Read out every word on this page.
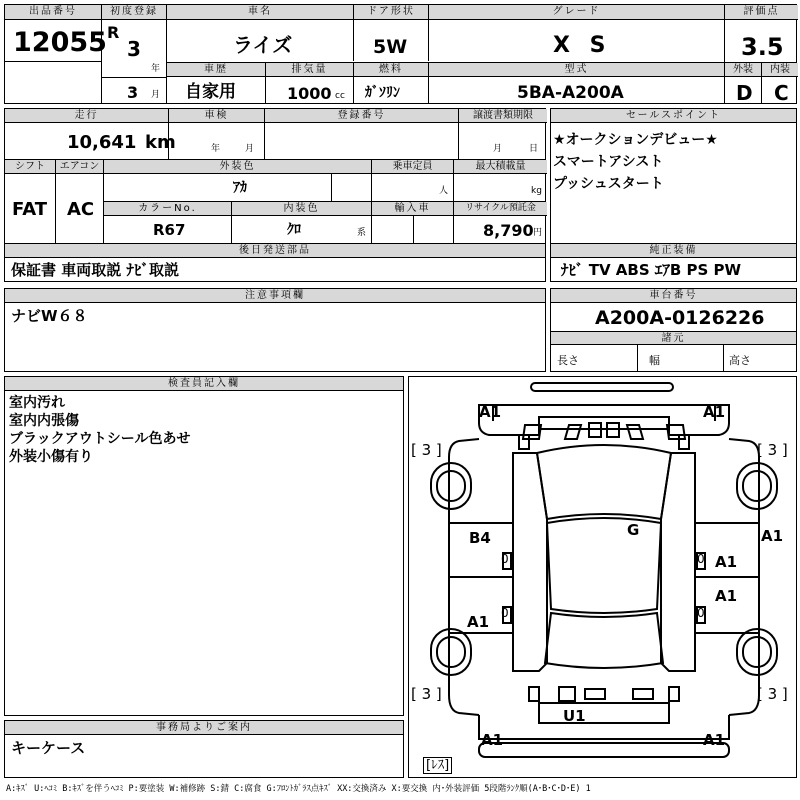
出品番号
12055
初度登録
R
3
年
3 月
車名
ライズ
ドア形状
5W
グレード
X S
評価点
3.5
車歴
自家用
排気量
1000 cc
燃料
ｶﾞｿﾘﾝ
型式
5BA-A200A
外装	内装
D C
走行
10,641 km
車検
年	月
登録番号	譲渡書類期限
月	日
シフト	エアコン
FAT AC
外装色
ｱｶ
乗車定員
人
最大積載量
kg
カラーNo.
R67
内装色
ｸﾛ	系
輸入車	リサイクル預託金
8,790 円
後日発送部品
保証書 車両取説 ﾅﾋﾞ取説
セールスポイント
★オークションデビュー★
スマートアシスト
プッシュスタート
純正装備
ﾅﾋﾞ TV ABS ｴｱB PS PW
注意事項欄
ナビW６８
車台番号
A200A-0126226
諸元
長さ	幅	高さ
検査員記入欄
室内汚れ
室内内張傷
ブラックアウトシール色あせ
外装小傷有り
事務局よりご案内
キーケース
A1	A1
B4	G	A1
A1
A1
A1
U1
A1	A1
0
0
0
0
[ 3 ]	[ 3 ]
[ 3 ]	[ 3 ]
[ﾚｽ]
A:ｷｽﾞ U:ﾍｺﾐ B:ｷｽﾞを伴うﾍｺﾐ P:要塗装 W:補修跡 S:錆 C:腐食 G:ﾌﾛﾝﾄｶﾞﾗｽ点ｷｽﾞ XX:交換済み X:要交換 内･外装評価 5段階ﾗﾝｸ順(A･B･C･D･E) 1
